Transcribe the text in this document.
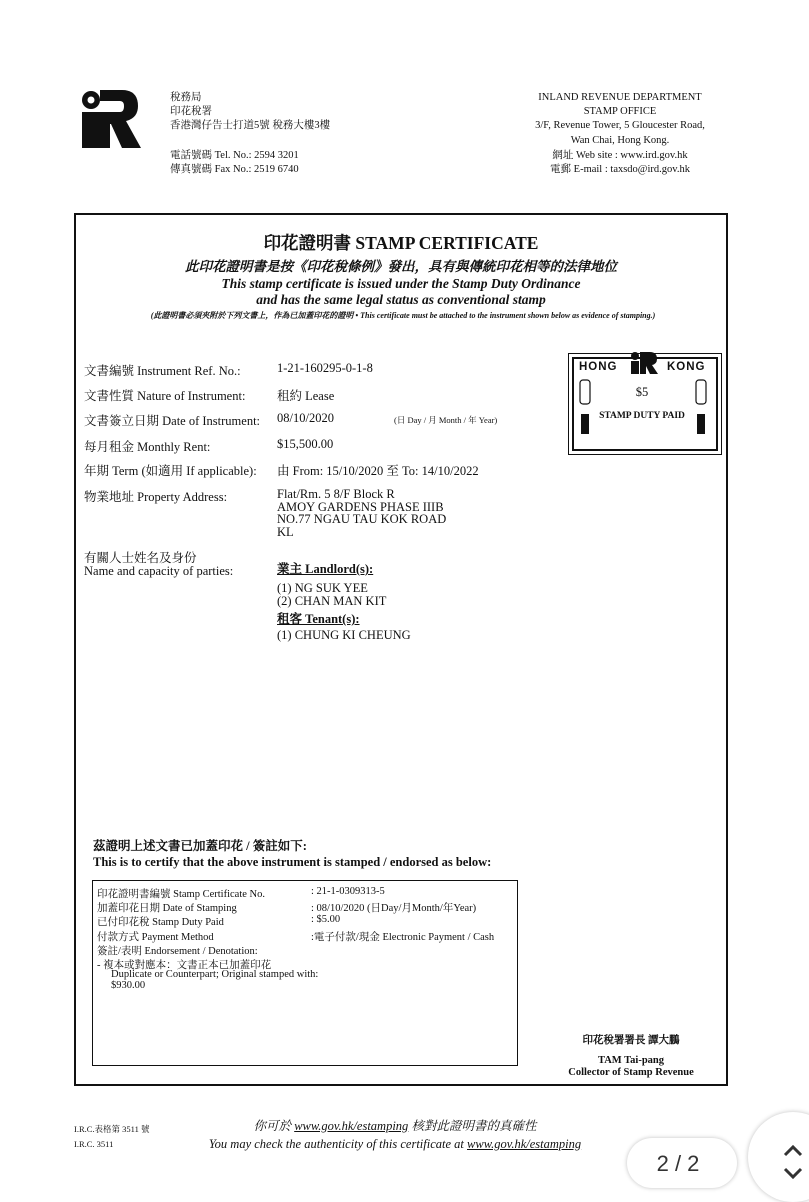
稅務局
印花稅署
香港灣仔告士打道5號 稅務大樓3樓
電話號碼 Tel. No.: 2594 3201
傳真號碼 Fax No.: 2519 6740
INLAND REVENUE DEPARTMENT
STAMP OFFICE
3/F, Revenue Tower, 5 Gloucester Road,
Wan Chai, Hong Kong.
網址 Web site : www.ird.gov.hk
電郵 E-mail : taxsdo@ird.gov.hk
印花證明書 STAMP CERTIFICATE
此印花證明書是按《印花稅條例》發出，具有與傳統印花相等的法律地位
This stamp certificate is issued under the Stamp Duty Ordinance
and has the same legal status as conventional stamp
(此證明書必須夾附於下列文書上，作為已加蓋印花的證明 • This certificate must be attached to the instrument shown below as evidence of stamping.)
文書編號 Instrument Ref. No.:	1-21-160295-0-1-8
文書性質 Nature of Instrument:	租約 Lease
文書簽立日期 Date of Instrument: 08/10/2020	(日 Day / 月 Month / 年 Year)
每月租金 Monthly Rent:	$15,500.00
年期 Term (如適用 If applicable): 由 From: 15/10/2020 至 To: 14/10/2022
物業地址 Property Address:	Flat/Rm. 5 8/F Block R
AMOY GARDENS PHASE IIIB
NO.77 NGAU TAU KOK ROAD
KL
有關人士姓名及身份
Name and capacity of parties:	業主 Landlord(s):
(1) NG SUK YEE
(2) CHAN MAN KIT
租客 Tenant(s):
(1) CHUNG KI CHEUNG
HONG	KONG
$5
STAMP DUTY PAID
茲證明上述文書已加蓋印花 / 簽註如下:
This is to certify that the above instrument is stamped / endorsed as below:
印花證明書編號 Stamp Certificate No.	: 21-1-0309313-5
加蓋印花日期 Date of Stamping	: 08/10/2020 (日Day/月Month/年Year)
已付印花稅 Stamp Duty Paid	: $5.00
付款方式 Payment Method	:電子付款/現金 Electronic Payment / Cash
簽註/表明 Endorsement / Denotation:
- 複本或對應本：文書正本已加蓋印花
Duplicate or Counterpart; Original stamped with:
$930.00
印花稅署署長 譚大鵬
TAM Tai-pang
Collector of Stamp Revenue
I.R.C.表格第 3511 號
I.R.C. 3511
你可於 www.gov.hk/estamping 核對此證明書的真確性
You may check the authenticity of this certificate at www.gov.hk/estamping
2 / 2
